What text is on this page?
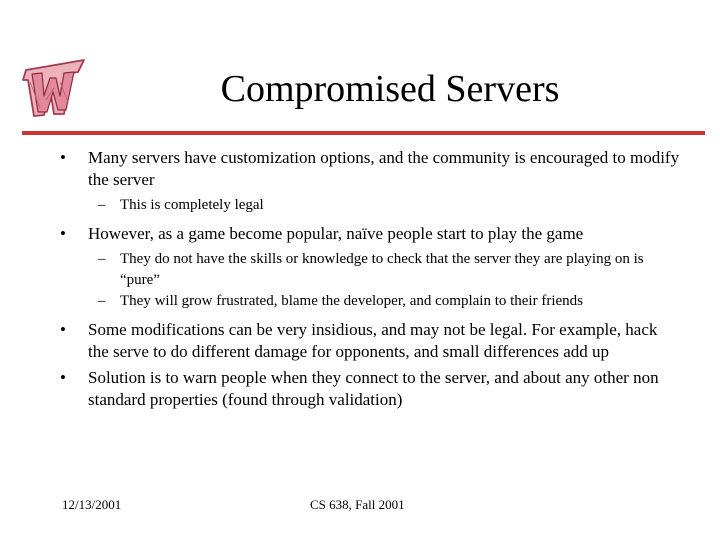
Compromised Servers
• Many servers have customization options, and the community is encouraged to modify the server
– This is completely legal
• However, as a game become popular, naïve people start to play the game
– They do not have the skills or knowledge to check that the server they are playing on is “pure”
– They will grow frustrated, blame the developer, and complain to their friends
• Some modifications can be very insidious, and may not be legal. For example, hack the serve to do different damage for opponents, and small differences add up
• Solution is to warn people when they connect to the server, and about any other non standard properties (found through validation)
12/13/2001	CS 638, Fall 2001
